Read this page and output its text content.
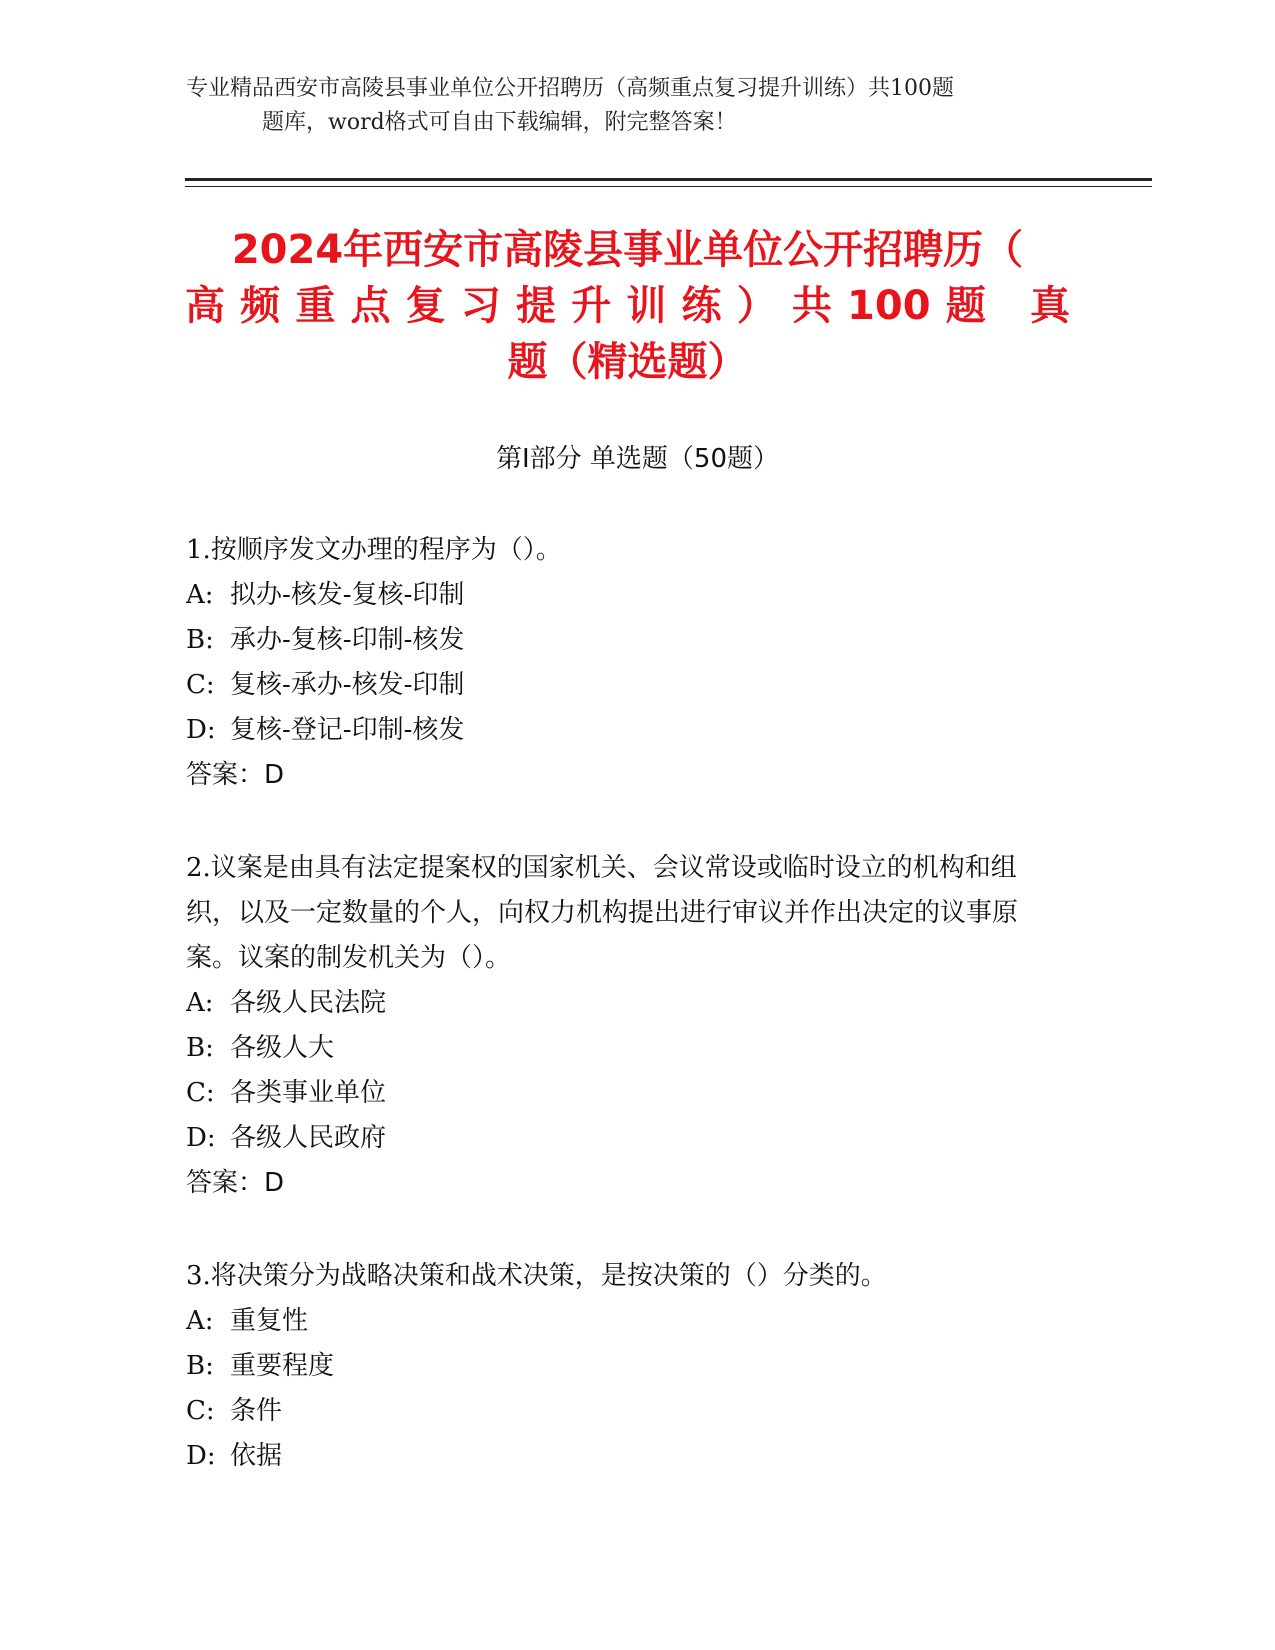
专业精品西安市高陵县事业单位公开招聘历（高频重点复习提升训练）共100题
题库，word格式可自由下载编辑，附完整答案！
2024年西安市高陵县事业单位公开招聘历（
高频重点复习提升训练）共100题 真
题（精选题）
第Ⅰ部分 单选题（50题）
1.按顺序发文办理的程序为（）。
A: 拟办-核发-复核-印制
B: 承办-复核-印制-核发
C: 复核-承办-核发-印制
D: 复核-登记-印制-核发
答案：D
2.议案是由具有法定提案权的国家机关、会议常设或临时设立的机构和组织，以及一定数量的个人，向权力机构提出进行审议并作出决定的议事原案。议案的制发机关为（）。
A: 各级人民法院
B: 各级人大
C: 各类事业单位
D: 各级人民政府
答案：D
3.将决策分为战略决策和战术决策，是按决策的（）分类的。
A: 重复性
B: 重要程度
C: 条件
D: 依据
